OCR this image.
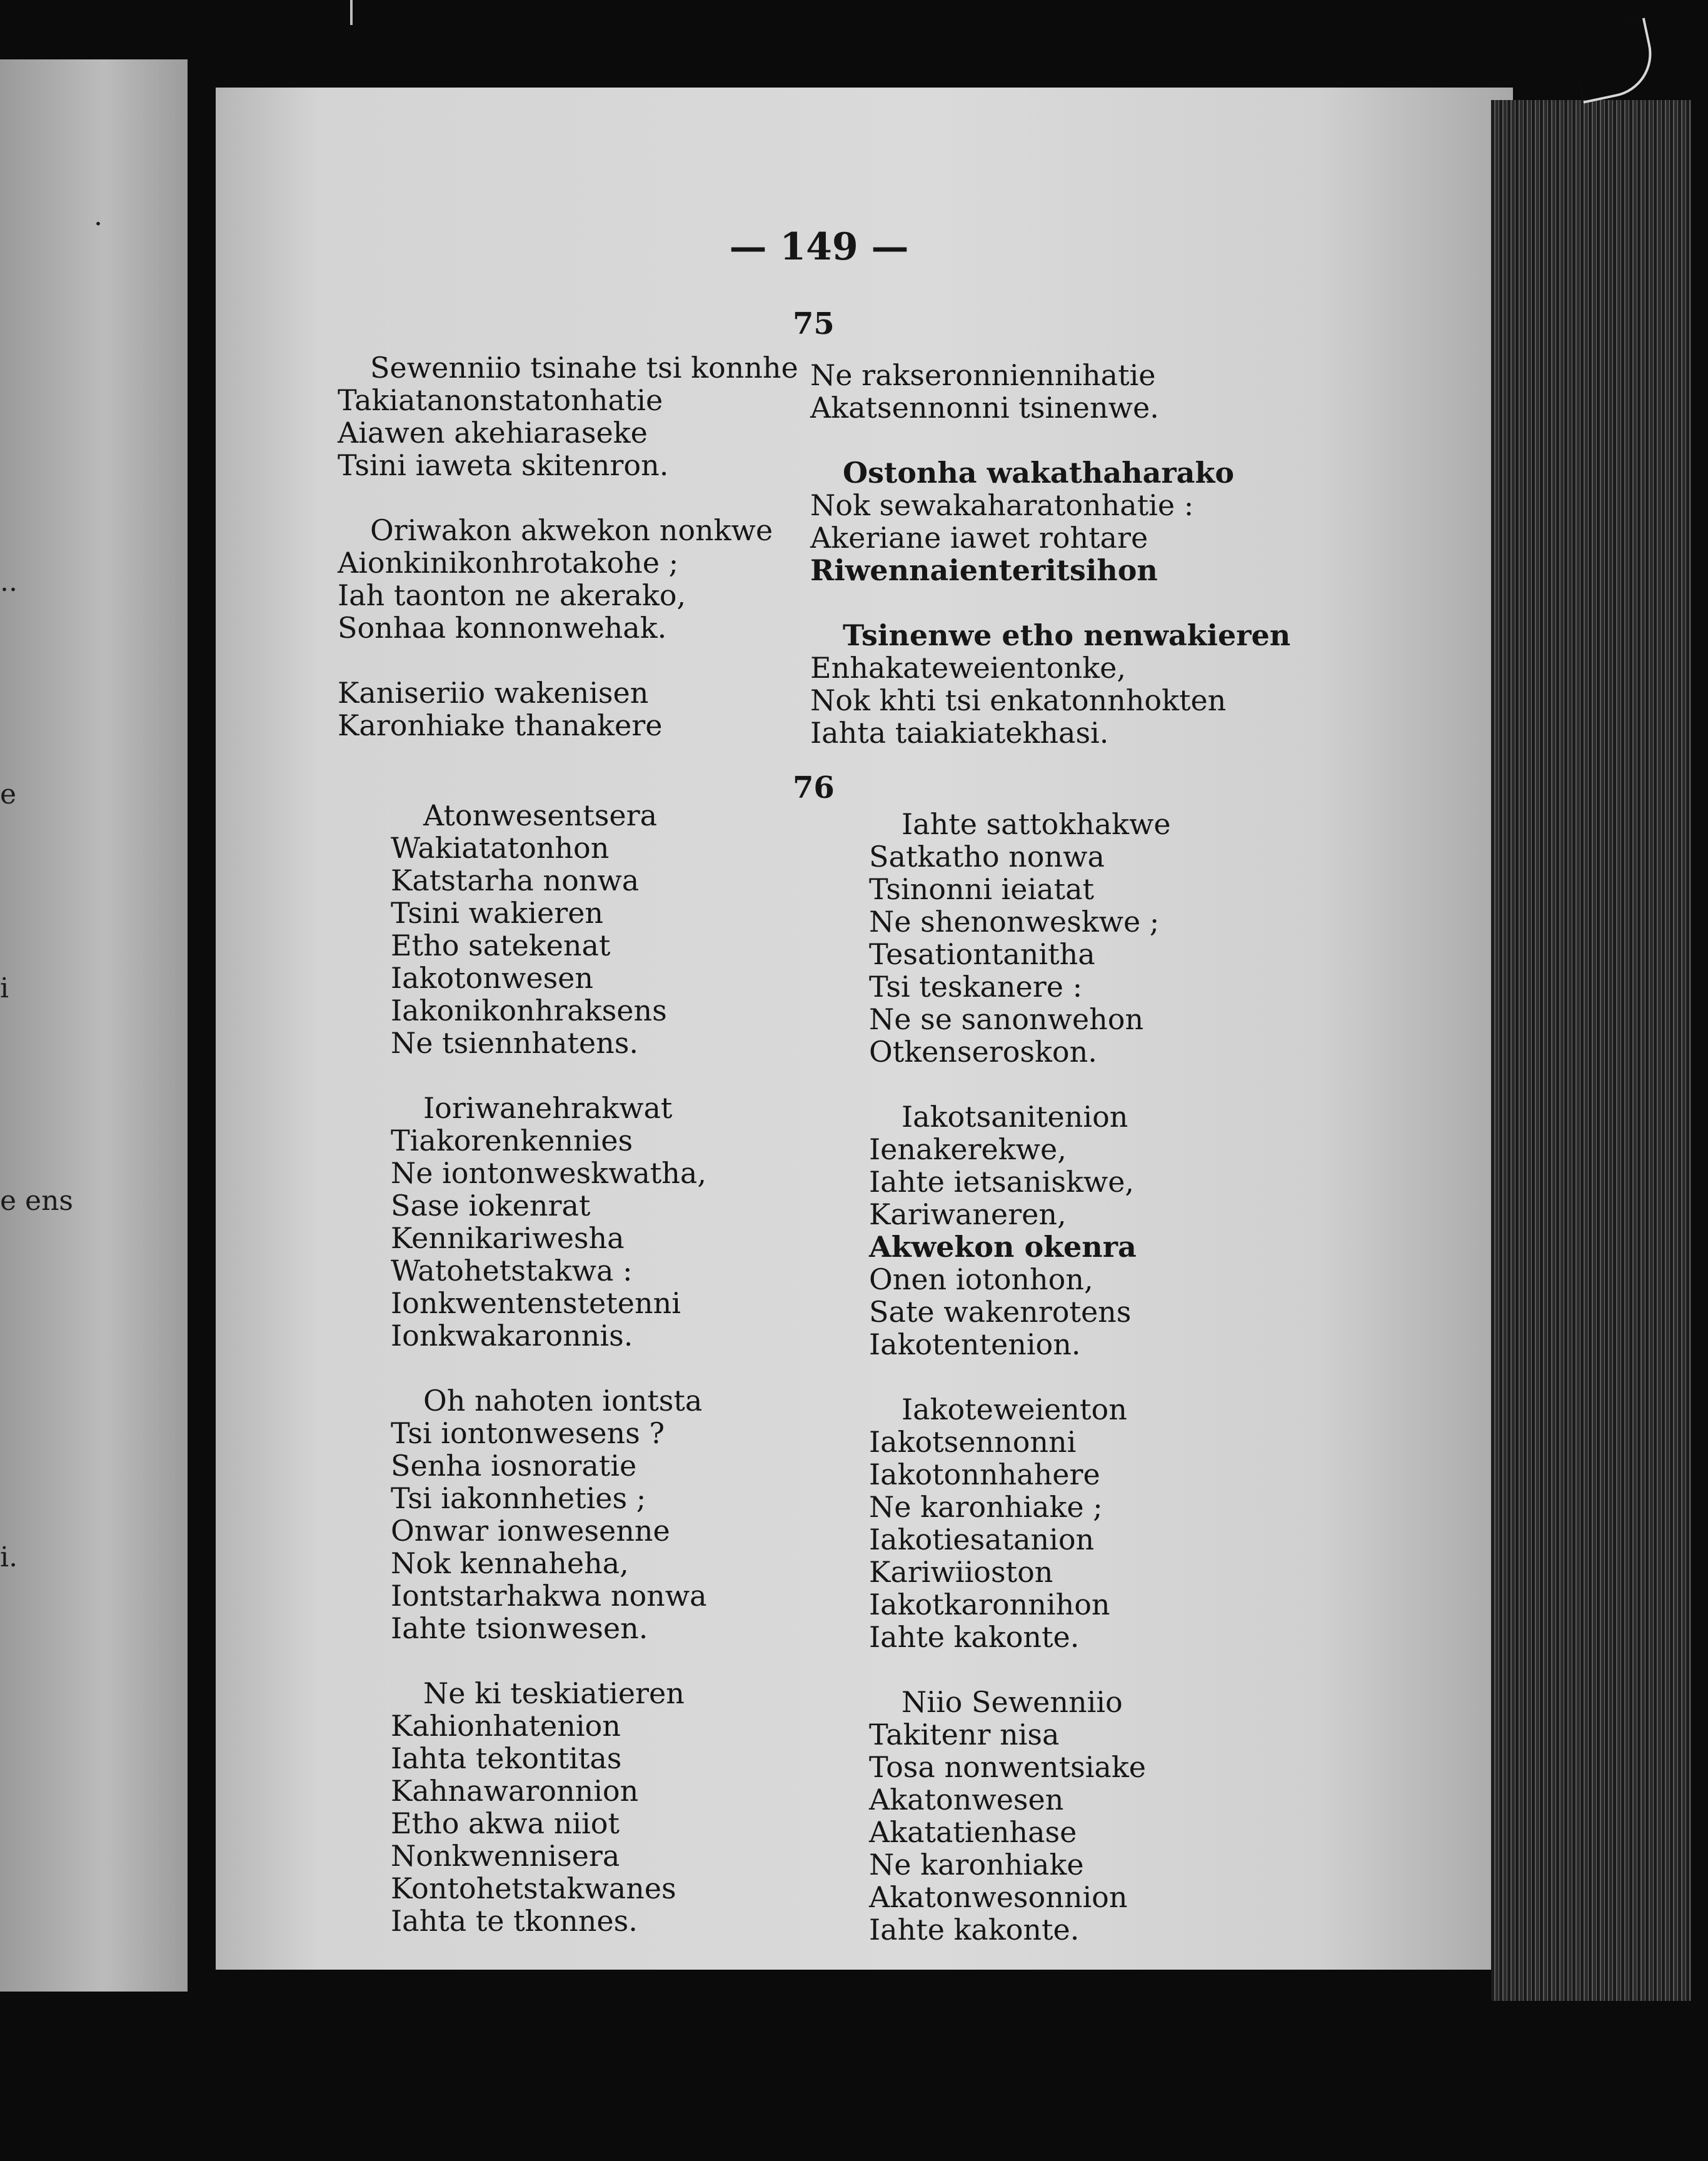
.
..
e
i
e ens
i.
— 149 —
75
Sewenniio tsinahe tsi konnhe
Takiatanonstatonhatie
Aiawen akehiaraseke
Tsini iaweta skitenron.
Oriwakon akwekon nonkwe
Aionkinikonhrotakohe ;
Iah taonton ne akerako,
Sonhaa konnonwehak.
Kaniseriio wakenisen
Karonhiake thanakere
Ne rakseronniennihatie
Akatsennonni tsinenwe.
Ostonha wakathaharako
Nok sewakaharatonhatie :
Akeriane iawet rohtare
Riwennaienteritsihon
Tsinenwe etho nenwakieren
Enhakateweientonke,
Nok khti tsi enkatonnhokten
Iahta taiakiatekhasi.
76
Atonwesentsera
Wakiatatonhon
Katstarha nonwa
Tsini wakieren
Etho satekenat
Iakotonwesen
Iakonikonhraksens
Ne tsiennhatens.
Ioriwanehrakwat
Tiakorenkennies
Ne iontonweskwatha,
Sase iokenrat
Kennikariwesha
Watohetstakwa :
Ionkwentenstetenni
Ionkwakaronnis.
Oh nahoten iontsta
Tsi iontonwesens ?
Senha iosnoratie
Tsi iakonnheties ;
Onwar ionwesenne
Nok kennaheha,
Iontstarhakwa nonwa
Iahte tsionwesen.
Ne ki teskiatieren
Kahionhatenion
Iahta tekontitas
Kahnawaronnion
Etho akwa niiot
Nonkwennisera
Kontohetstakwanes
Iahta te tkonnes.
Iahte sattokhakwe
Satkatho nonwa
Tsinonni ieiatat
Ne shenonweskwe ;
Tesationtanitha
Tsi teskanere :
Ne se sanonwehon
Otkenseroskon.
Iakotsanitenion
Ienakerekwe,
Iahte ietsaniskwe,
Kariwaneren,
Akwekon okenra
Onen iotonhon,
Sate wakenrotens
Iakotentenion.
Iakoteweienton
Iakotsennonni
Iakotonnhahere
Ne karonhiake ;
Iakotiesatanion
Kariwiioston
Iakotkaronnihon
Iahte kakonte.
Niio Sewenniio
Takitenr nisa
Tosa nonwentsiake
Akatonwesen
Akatatienhase
Ne karonhiake
Akatonwesonnion
Iahte kakonte.
